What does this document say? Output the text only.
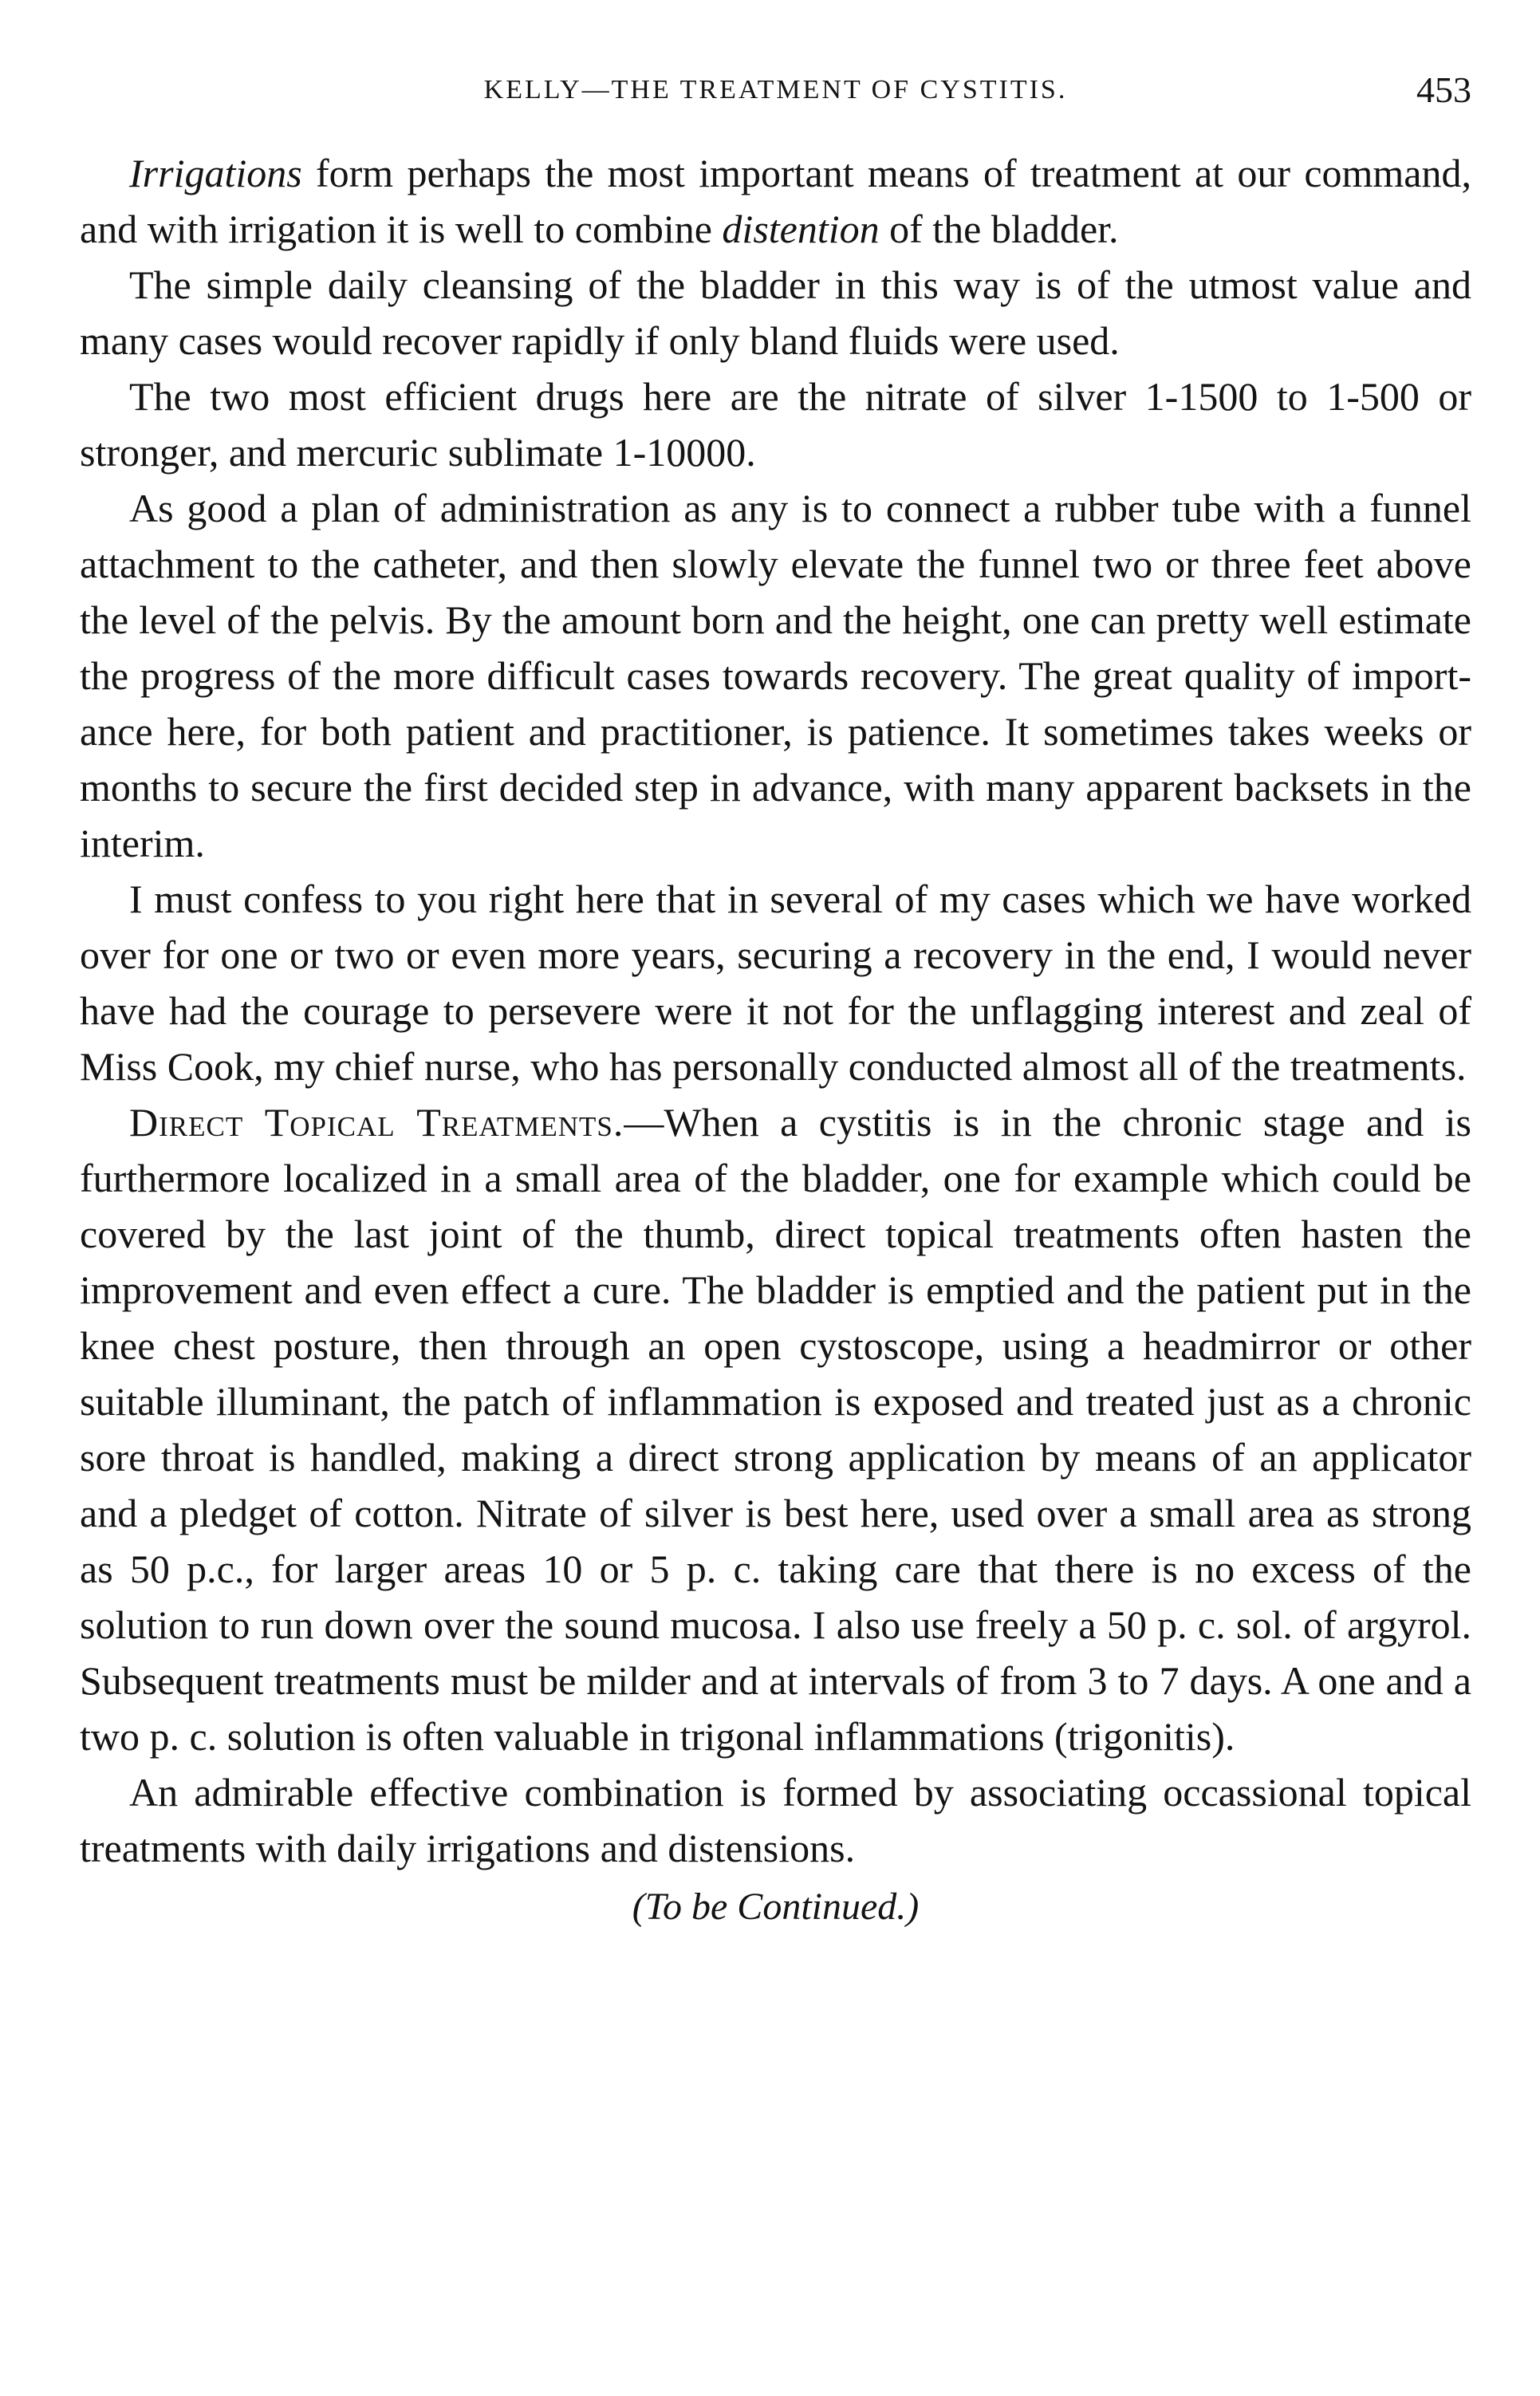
KELLY—THE TREATMENT OF CYSTITIS.	453

Irrigations form perhaps the most important means of treatment at our command, and with irrigation it is well to combine distention of the bladder.

The simple daily cleansing of the bladder in this way is of the utmost value and many cases would recover rapidly if only bland fluids were used.

The two most efficient drugs here are the nitrate of silver 1-1500 to 1-500 or stronger, and mercuric sublimate 1-10000.

As good a plan of administration as any is to connect a rubber tube with a funnel attachment to the catheter, and then slowly elevate the funnel two or three feet above the level of the pelvis. By the amount born and the height, one can pretty well estimate the progress of the more difficult cases towards recovery. The great quality of import-ance here, for both patient and practitioner, is patience. It sometimes takes weeks or months to secure the first decided step in advance, with many apparent backsets in the interim.

I must confess to you right here that in several of my cases which we have worked over for one or two or even more years, securing a recovery in the end, I would never have had the courage to persevere were it not for the unflagging interest and zeal of Miss Cook, my chief nurse, who has personally conducted almost all of the treatments.

Direct Topical Treatments.—When a cystitis is in the chronic stage and is furthermore localized in a small area of the bladder, one for example which could be covered by the last joint of the thumb, direct topical treatments often hasten the improvement and even effect a cure. The bladder is emptied and the patient put in the knee chest posture, then through an open cystoscope, using a headmirror or other suitable illuminant, the patch of inflammation is exposed and treated just as a chronic sore throat is handled, making a direct strong application by means of an applicator and a pledget of cotton. Nitrate of silver is best here, used over a small area as strong as 50 p.c., for larger areas 10 or 5 p. c. taking care that there is no excess of the solution to run down over the sound mucosa. I also use freely a 50 p. c. sol. of argyrol. Subsequent treatments must be milder and at intervals of from 3 to 7 days. A one and a two p. c. solution is often valuable in trigonal inflammations (trigonitis).

An admirable effective combination is formed by associating occassional topical treatments with daily irrigations and distensions.

(To be Continued.)
